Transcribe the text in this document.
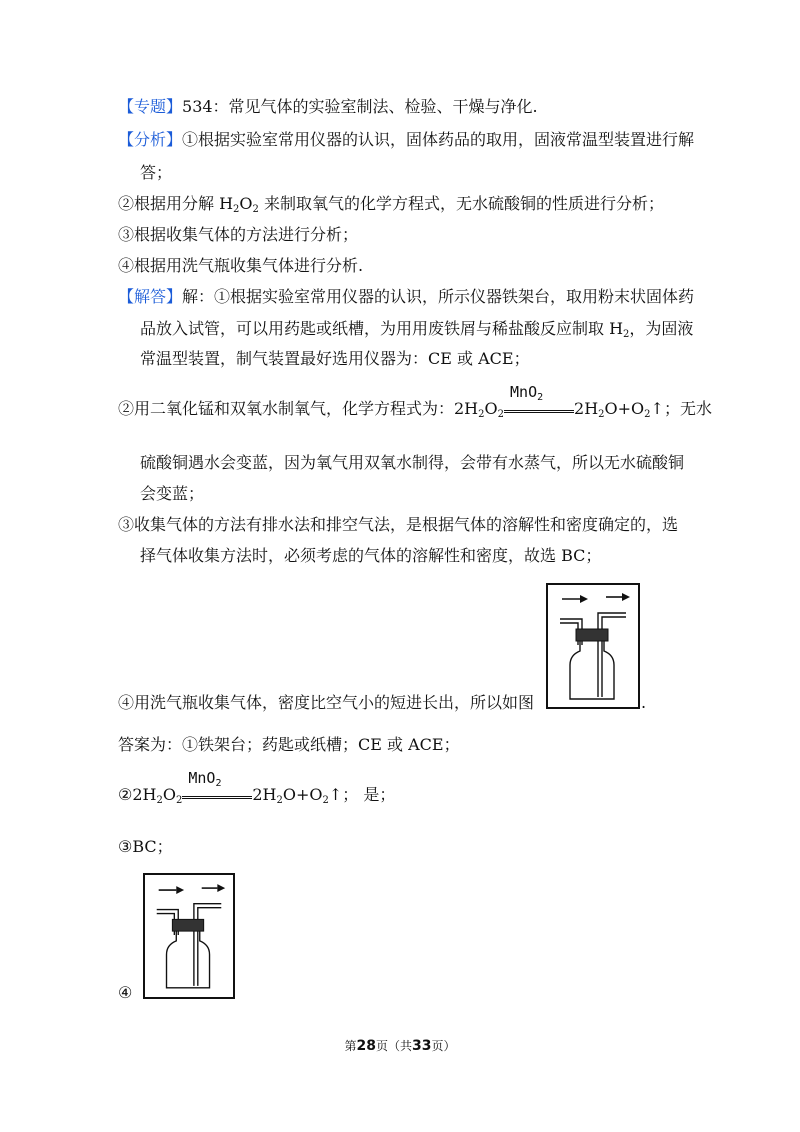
【专题】534：常见气体的实验室制法、检验、干燥与净化.
【分析】①根据实验室常用仪器的认识，固体药品的取用，固液常温型装置进行解
答；
②根据用分解 $H_2O_2$ 来制取氧气的化学方程式，无水硫酸铜的性质进行分析；
③根据收集气体的方法进行分析；
④根据用洗气瓶收集气体进行分析.
【解答】解：①根据实验室常用仪器的认识，所示仪器铁架台，取用粉末状固体药
品放入试管，可以用药匙或纸槽，为用用废铁屑与稀盐酸反应制取 $H_2$，为固液
常温型装置，制气装置最好选用仪器为：CE 或 ACE；
②用二氧化锰和双氧水制氧气，化学方程式为：$2H_2O_2$
MnO$_2$
$2H_2O+O_2↑$；无水
硫酸铜遇水会变蓝，因为氧气用双氧水制得，会带有水蒸气，所以无水硫酸铜
会变蓝；
③收集气体的方法有排水法和排空气法，是根据气体的溶解性和密度确定的，选
择气体收集方法时，必须考虑的气体的溶解性和密度，故选 BC；
④用洗气瓶收集气体，密度比空气小的短进长出，所以如图	.
答案为：①铁架台；药匙或纸槽；CE 或 ACE；
$②2H_2O_2$
MnO$_2$
$2H_2O+O_2↑$； 是；
③BC；
④
第28页（共33页）
